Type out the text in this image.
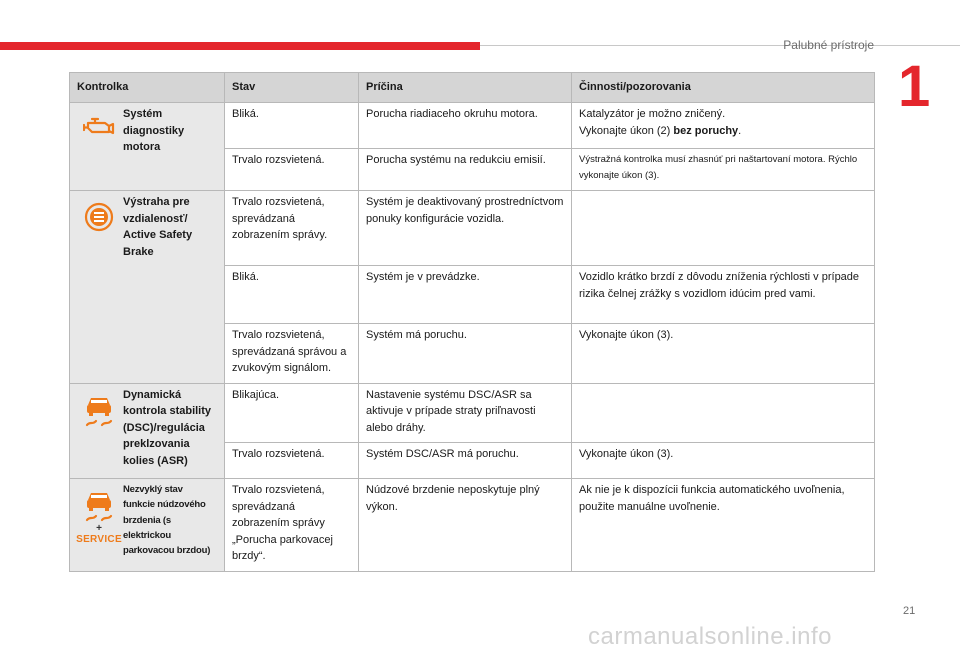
Palubné prístroje
1
Kontrolka	Stav	Príčina	Činnosti/pozorovania

Systém diagnostiky motora	Bliká.	Porucha riadiaceho okruhu motora.	Katalyzátor je možno zničený.
Vykonajte úkon (2) bez poruchy.
	Trvalo rozsvietená.	Porucha systému na redukciu emisií.	Výstražná kontrolka musí zhasnúť pri naštartovaní motora. Rýchlo vykonajte úkon (3).

Výstraha pre vzdialenosť/ Active Safety Brake	Trvalo rozsvietená, sprevádzaná zobrazením správy.	Systém je deaktivovaný prostredníctvom ponuky konfigurácie vozidla.	
	Bliká.	Systém je v prevádzke.	Vozidlo krátko brzdí z dôvodu zníženia rýchlosti v prípade rizika čelnej zrážky s vozidlom idúcim pred vami.
	Trvalo rozsvietená, sprevádzaná správou a zvukovým signálom.	Systém má poruchu.	Vykonajte úkon (3).

Dynamická kontrola stability (DSC)/regulácia preklzovania kolies (ASR)	Blikajúca.	Nastavenie systému DSC/ASR sa aktivuje v prípade straty priľnavosti alebo dráhy.	
	Trvalo rozsvietená.	Systém DSC/ASR má poruchu.	Vykonajte úkon (3).

+
SERVICE
Nezvyklý stav funkcie núdzového brzdenia (s elektrickou parkovacou brzdou)	Trvalo rozsvietená, sprevádzaná zobrazením správy „Porucha parkovacej brzdy“.	Núdzové brzdenie neposkytuje plný výkon.	Ak nie je k dispozícii funkcia automatického uvoľnenia, použite manuálne uvoľnenie.
21
carmanualsonline.info
